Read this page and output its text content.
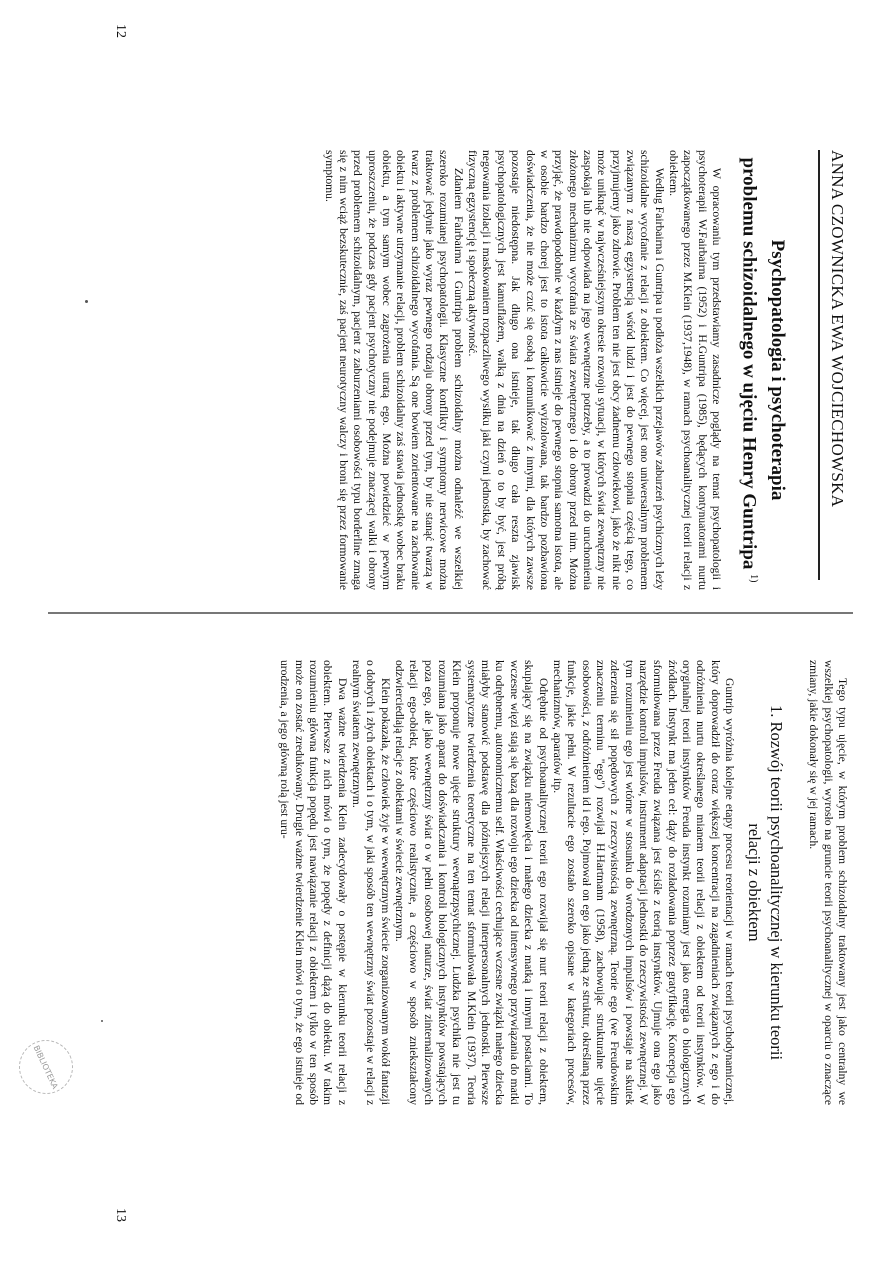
ANNA CZOWNICKA EWA WOJCIECHOWSKA
Psychopatologia i psychoterapia
problemu schizoidalnego w ujęciu Henry Guntripa $^{1)}$

W opracowaniu tym przedstawiamy zasadnicze poglądy na temat psychopatologii i psychoterapii W.Fairbairna (1952) i H.Guntripa (1985), będących kontynuatorami nurtu zapoczątkowanego przez M.Klein (1937,1948), w ramach psychoanalitycznej teorii relacji z obiektem.

Według Fairbairna i Guntripa u podłoża wszelkich przejawów zaburzeń psychicznych leży schizoidalne wycofanie z relacji z obiektem. Co więcej, jest ono uniwersalnym problemem związanym z naszą egzystencją wśród ludzi i jest do pewnego stopnia częścią tego, co przyjmujemy jako zdrowie. Problem ten nie jest obcy żadnemu człowiekowi, jako że nikt nie może uniknąć w najwcześniejszym okresie rozwoju sytuacji, w których świat zewnętrzny nie zaspokaja lub nie odpowiada na jego wewnętrzne potrzeby, a to prowadzi do uruchomienia złożonego mechanizmu wycofania ze świata zewnętrznego i do obrony przed nim. Można przyjąć, że prawdopodobnie w każdym z nas istnieje do pewnego stopnia samotna istota, ale w osobie bardzo chorej jest to istota całkowicie wyizolowana, tak bardzo pozbawiona doświadczenia, że nie może czuć się osobą i komunikować z innymi, dla których zawsze pozostaje niedostępna. Jak długo ona istnieje, tak długo cała reszta zjawisk psychopatologicznych jest kamuflażem, walką z dnia na dzień o to by być, jest próbą negowania izolacji i maskowaniem rozpaczliwego wysiłku jaki czyni jednostka, by zachować fizyczną egzystencję i społeczną aktywność.

Zdaniem Fairbairna i Guntripa problem schizoidalny można odnaleźć we wszelkiej szeroko rozumianej psychopatologii. Klasyczne konflikty i symptomy nerwicowe można traktować jedynie jako wyraz pewnego rodzaju obrony przed tym, by nie stanąć twarzą w twarz z problemem schizoidalnego wycofania. Są one bowiem zorientowane na zachowanie obiektu i aktywne utrzymanie relacji, problem schizoidalny zaś stawia jednostkę wobec braku obiektu, a tym samym wobec zagrożenia utratą ego. Można powiedzieć w pewnym uproszczeniu, że podczas gdy pacjent psychotyczny nie podejmuje znaczącej walki i obrony przed problemem schizoidalnym, pacjent z zaburzeniami osobowości typu borderline zmaga się z nim wciąż bezskutecznie, zaś pacjent neurotyczny walczy i broni się przez formowanie symptomu.

12

Tego typu ujęcie, w którym problem schizoidalny traktowany jest jako centralny we wszelkiej psychopatologii, wyrosło na gruncie teorii psychoanalitycznej w oparciu o znaczące zmiany, jakie dokonały się w jej ramach.

1. Rozwój teorii psychoanalitycznej w kierunku teorii
relacji z obiektem

Guntrip wyróżnia kolejne etapy procesu reorientacji w ramach teorii psychodynamicznej, który doprowadził do coraz większej koncentracji na zagadnieniach związanych z ego i do odróżnienia nurtu określanego mianem teorii relacji z obiektem od teorii instynktów. W oryginalnej teorii instynktów Freuda instynkt rozumiany jest jako energia o biologicznych źródłach. Instynkt ma jeden cel: dąży do rozładowania poprzez gratyfikację. Koncepcja ego sformułowana przez Freuda związana jest ściśle z teorią instynktów. Ujmuje ona ego jako narzędzie kontroli impulsów, instrument adaptacji jednostki do rzeczywistości zewnętrznej. W tym rozumieniu ego jest wtórne w stosunku do wrodzonych impulsów i powstaje na skutek zderzenia się sił popędowych z rzeczywistością zewnętrzną. Teorie ego (we Freudowskim znaczeniu terminu "ego") rozwijał H.Hartmann (1958), zachowując strukturalne ujęcie osobowości, z odróżnieniem id i ego. Pojmował on ego jako jedną ze struktur, określaną przez funkcje, jakie pełni. W rezultacie ego zostało szeroko opisane w kategoriach procesów, mechanizmów, aparatów itp.

Odrębnie od psychoanalitycznej teorii ego rozwijał się nurt teorii relacji z obiektem, skupiający się na związku niemowlęcia i małego dziecka z matką i innymi postaciami. To wczesne więzi stają się bazą dla rozwoju ego dziecka od intensywnego przywiązania do matki ku odrębnemu, autonomicznemu self. Właściwości cechujące wczesne związki małego dziecka miałyby stanowić podstawę dla późniejszych relacji interpersonalnych jednostki. Pierwsze systematyczne twierdzenia teoretyczne na ten temat sformułowała M.Klein (1937). Teoria Klein proponuje nowe ujęcie struktury wewnątrzpsychicznej. Ludzka psychika nie jest tu rozumiana jako aparat do doświadczania i kontroli biologicznych instynktów powstających poza ego, ale jako wewnętrzny świat o w pełni osobowej naturze, świat zinternalizowanych relacji ego-obiekt, które częściowo realistycznie, a częściowo w sposób zniekształcony odzwierciedlają relacje z obiektami w świecie zewnętrznym.

Klein pokazała, że człowiek żyje w wewnętrznym świecie zorganizowanym wokół fantazji o dobrych i złych obiektach i o tym, w jaki sposób ten wewnętrzny świat pozostaje w relacji z realnym światem zewnętrznym.

Dwa ważne twierdzenia Klein zadecydowały o postępie w kierunku teorii relacji z obiektem. Pierwsze z nich mówi o tym, że popędy z definicji dążą do obiektu. W takim rozumieniu główna funkcja popędu jest nawiązanie relacji z obiektem i tylko w ten sposób może on zostać zredukowany. Drugie ważne twierdzenie Klein mówi o tym, że ego istnieje od urodzenia, a jego główną rolą jest uru-

13
BIBLIOTEKA
